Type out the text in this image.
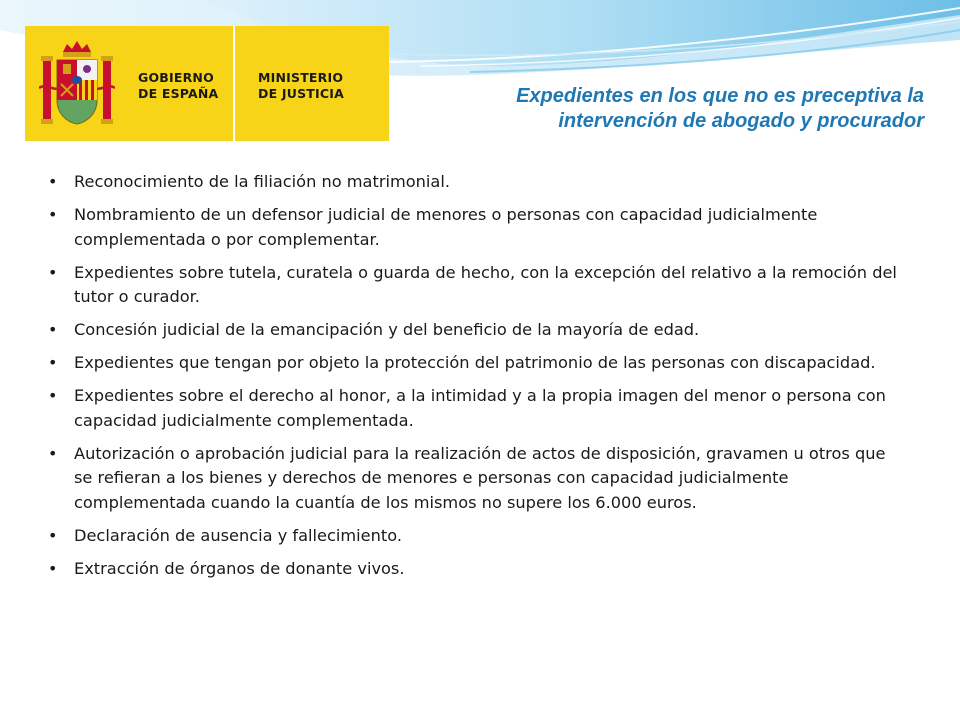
GOBIERNO
DE ESPAÑA
MINISTERIO
DE JUSTICIA	Expedientes en los que no es preceptiva la
intervención de abogado y procurador
• Reconocimiento de la filiación no matrimonial.
• Nombramiento de un defensor judicial de menores o personas con capacidad judicialmente complementada o por complementar.
• Expedientes sobre tutela, curatela o guarda de hecho, con la excepción del relativo a la remoción del tutor o curador.
• Concesión judicial de la emancipación y del beneficio de la mayoría de edad.
• Expedientes que tengan por objeto la protección del patrimonio de las personas con discapacidad.
• Expedientes sobre el derecho al honor, a la intimidad y a la propia imagen del menor o persona con capacidad judicialmente complementada.
• Autorización o aprobación judicial para la realización de actos de disposición, gravamen u otros que se refieran a los bienes y derechos de menores e personas con capacidad judicialmente complementada cuando la cuantía de los mismos no supere los 6.000 euros.
• Declaración de ausencia y fallecimiento.
• Extracción de órganos de donante vivos.
